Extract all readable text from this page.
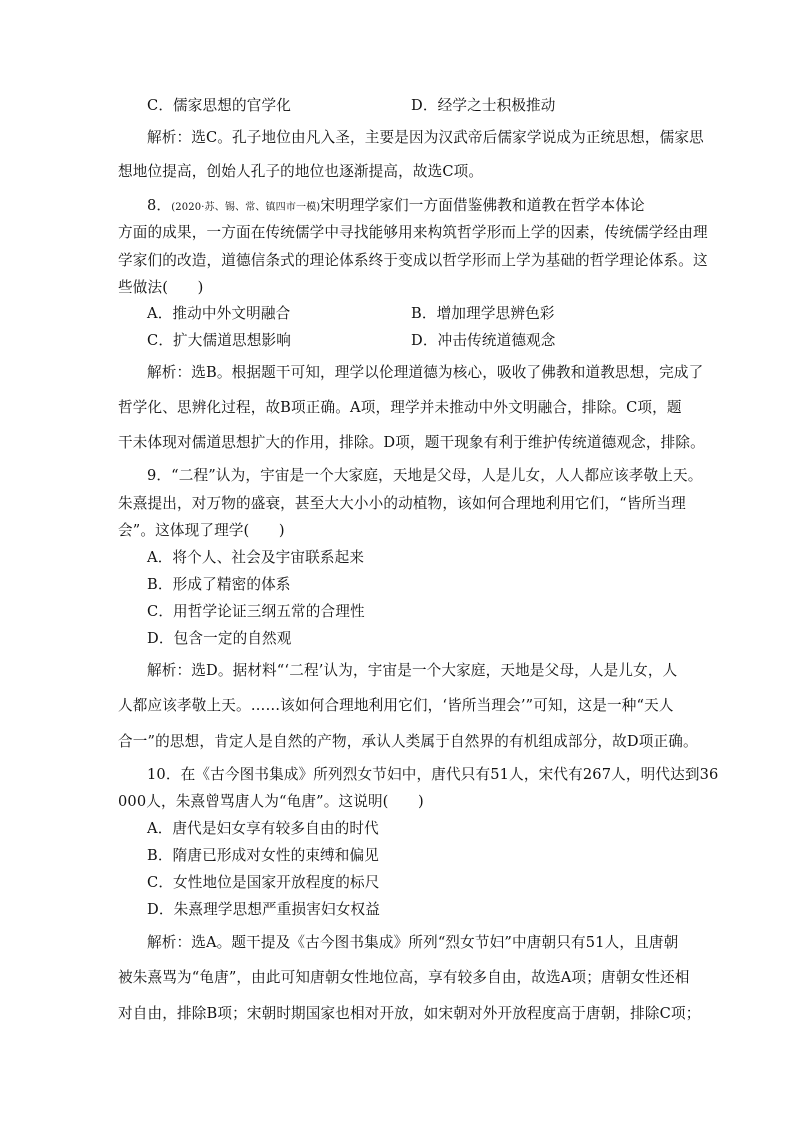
C．儒家思想的官学化	D．经学之士积极推动
解析：选C。孔子地位由凡入圣，主要是因为汉武帝后儒家学说成为正统思想，儒家思
想地位提高，创始人孔子的地位也逐渐提高，故选C项。
8．(2020·苏、锡、常、镇四市一模)宋明理学家们一方面借鉴佛教和道教在哲学本体论
方面的成果，一方面在传统儒学中寻找能够用来构筑哲学形而上学的因素，传统儒学经由理
学家们的改造，道德信条式的理论体系终于变成以哲学形而上学为基础的哲学理论体系。这
些做法(　　)
A．推动中外文明融合	B．增加理学思辨色彩
C．扩大儒道思想影响	D．冲击传统道德观念
解析：选B。根据题干可知，理学以伦理道德为核心，吸收了佛教和道教思想，完成了
哲学化、思辨化过程，故B项正确。A项，理学并未推动中外文明融合，排除。C项，题
干未体现对儒道思想扩大的作用，排除。D项，题干现象有利于维护传统道德观念，排除。
9．“二程”认为，宇宙是一个大家庭，天地是父母，人是儿女，人人都应该孝敬上天。
朱熹提出，对万物的盛衰，甚至大大小小的动植物，该如何合理地利用它们，“皆所当理
会”。这体现了理学(　　)
A．将个人、社会及宇宙联系起来
B．形成了精密的体系
C．用哲学论证三纲五常的合理性
D．包含一定的自然观
解析：选D。据材料“‘二程’认为，宇宙是一个大家庭，天地是父母，人是儿女，人
人都应该孝敬上天。……该如何合理地利用它们，‘皆所当理会’”可知，这是一种“天人
合一”的思想，肯定人是自然的产物，承认人类属于自然界的有机组成部分，故D项正确。
10．在《古今图书集成》所列烈女节妇中，唐代只有51人，宋代有267人，明代达到36
000人，朱熹曾骂唐人为“龟唐”。这说明(　　)
A．唐代是妇女享有较多自由的时代
B．隋唐已形成对女性的束缚和偏见
C．女性地位是国家开放程度的标尺
D．朱熹理学思想严重损害妇女权益
解析：选A。题干提及《古今图书集成》所列“烈女节妇”中唐朝只有51人，且唐朝
被朱熹骂为“龟唐”，由此可知唐朝女性地位高，享有较多自由，故选A项；唐朝女性还相
对自由，排除B项；宋朝时期国家也相对开放，如宋朝对外开放程度高于唐朝，排除C项；
